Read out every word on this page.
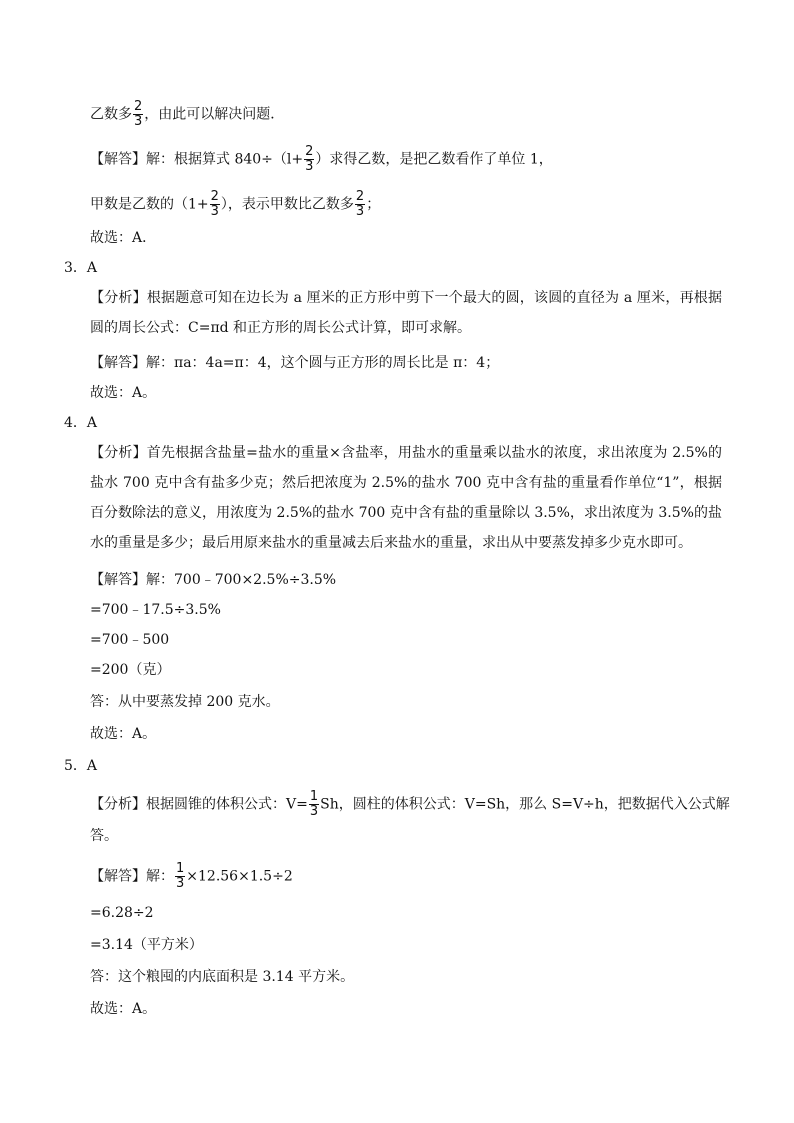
乙数多 $\frac{2}{3}$ ，由此可以解决问题．
【解答】解：根据算式 $840\div(l+ \frac{2}{3}$ ）求得乙数，是把乙数看作了单位 1，
甲数是乙数的（$1+ \frac{2}{3}$ ），表示甲数比乙数多 $\frac{2}{3}$ ；
故选：A．
3．A
【分析】根据题意可知在边长为 a 厘米的正方形中剪下一个最大的圆，该圆的直径为 a 厘米，再根据圆的周长公式：C=πd 和正方形的周长公式计算，即可求解。
【解答】解：πa：4a=π：4，这个圆与正方形的周长比是 π：4；
故选：A。
4．A
【分析】首先根据含盐量=盐水的重量×含盐率，用盐水的重量乘以盐水的浓度，求出浓度为 2.5%的盐水 700 克中含有盐多少克；然后把浓度为 2.5%的盐水 700 克中含有盐的重量看作单位“1”，根据百分数除法的意义，用浓度为 2.5%的盐水 700 克中含有盐的重量除以 3.5%，求出浓度为 3.5%的盐水的重量是多少；最后用原来盐水的重量减去后来盐水的重量，求出从中要蒸发掉多少克水即可。
【解答】解：700﹣700×2.5%÷3.5%
=700﹣17.5÷3.5%
=700﹣500
=200（克）
答：从中要蒸发掉 200 克水。
故选：A。
5．A
【分析】根据圆锥的体积公式：$V= \frac{1}{3}$ Sh，圆柱的体积公式：V=Sh，那么 S=V÷h，把数据代入公式解
答。
【解答】解： $\frac{1}{3} \times 12.56\times 1.5\div 2$
=6.28÷2
=3.14（平方米）
答：这个粮囤的内底面积是 3.14 平方米。
故选：A。
